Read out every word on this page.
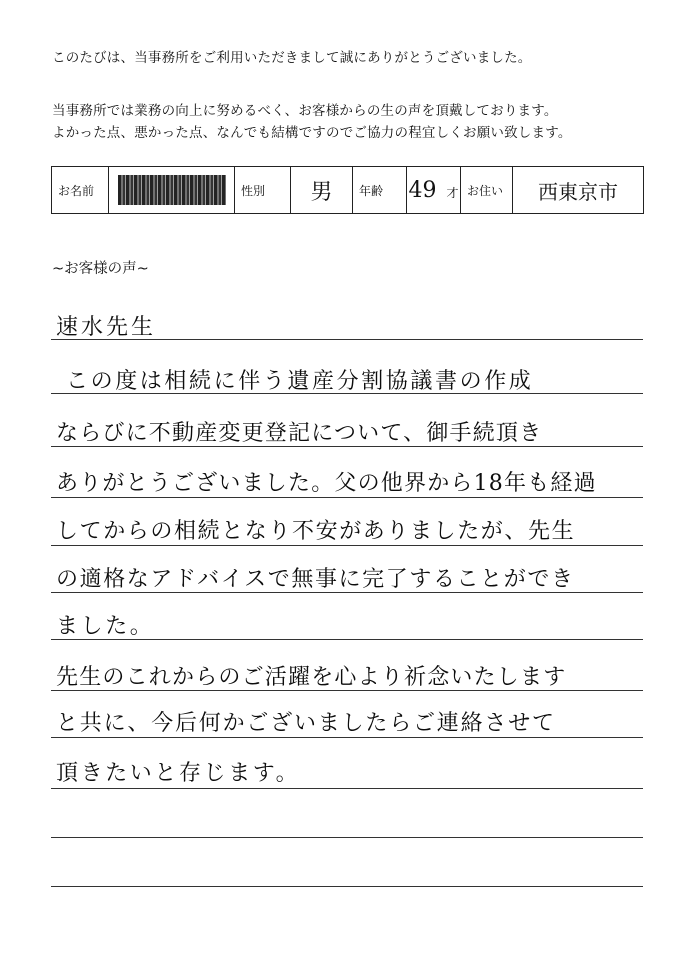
このたびは、当事務所をご利用いただきまして誠にありがとうございました。
当事務所では業務の向上に努めるべく、お客様からの生の声を頂戴しております。
よかった点、悪かった点、なんでも結構ですのでご協力の程宜しくお願い致します。
お名前		性別	男	年齢	49 才	お住い	西東京市
~お客様の声~
速水先生
この度は相続に伴う遺産分割協議書の作成
ならびに不動産変更登記について、御手続頂き
ありがとうございました。父の他界から18年も経過
してからの相続となり不安がありましたが、先生
の適格なアドバイスで無事に完了することができ
ました。
先生のこれからのご活躍を心より祈念いたします
と共に、今后何かございましたらご連絡させて
頂きたいと存じます。
